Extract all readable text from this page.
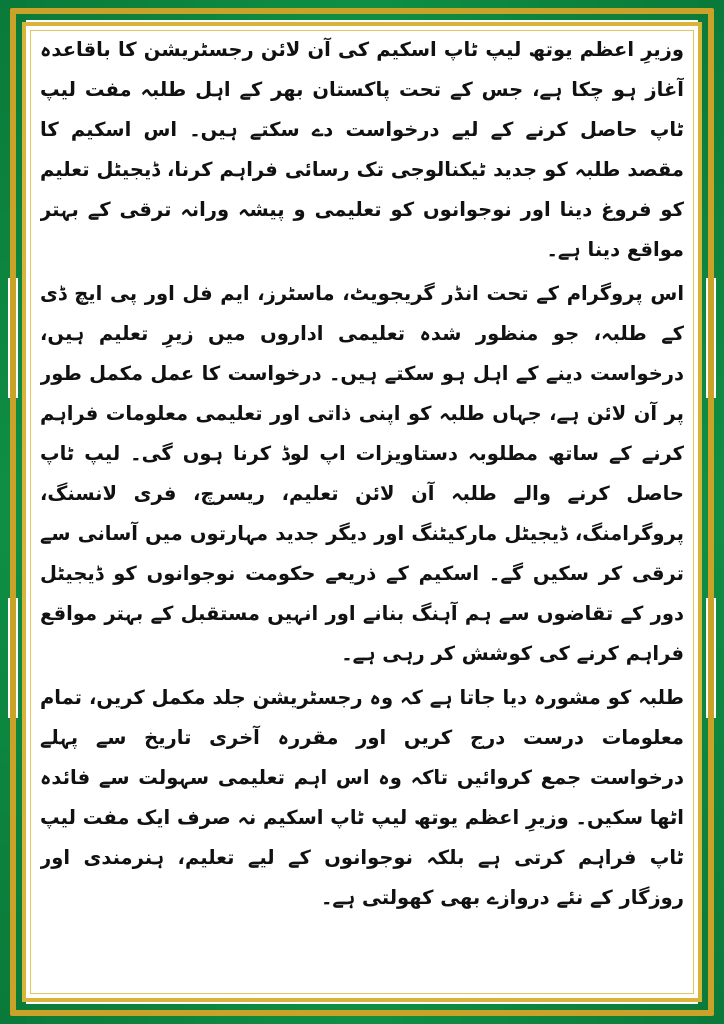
وزیرِ اعظم یوتھ لیپ ٹاپ اسکیم کی آن لائن رجسٹریشن کا باقاعدہ آغاز ہو چکا ہے، جس کے تحت پاکستان بھر کے اہل طلبہ مفت لیپ ٹاپ حاصل کرنے کے لیے درخواست دے سکتے ہیں۔ اس اسکیم کا مقصد طلبہ کو جدید ٹیکنالوجی تک رسائی فراہم کرنا، ڈیجیٹل تعلیم کو فروغ دینا اور نوجوانوں کو تعلیمی و پیشہ ورانہ ترقی کے بہتر مواقع دینا ہے۔

اس پروگرام کے تحت انڈر گریجویٹ، ماسٹرز، ایم فل اور پی ایچ ڈی کے طلبہ، جو منظور شدہ تعلیمی اداروں میں زیرِ تعلیم ہیں، درخواست دینے کے اہل ہو سکتے ہیں۔ درخواست کا عمل مکمل طور پر آن لائن ہے، جہاں طلبہ کو اپنی ذاتی اور تعلیمی معلومات فراہم کرنے کے ساتھ مطلوبہ دستاویزات اپ لوڈ کرنا ہوں گی۔ لیپ ٹاپ حاصل کرنے والے طلبہ آن لائن تعلیم، ریسرچ، فری لانسنگ، پروگرامنگ، ڈیجیٹل مارکیٹنگ اور دیگر جدید مہارتوں میں آسانی سے ترقی کر سکیں گے۔ اسکیم کے ذریعے حکومت نوجوانوں کو ڈیجیٹل دور کے تقاضوں سے ہم آہنگ بنانے اور انہیں مستقبل کے بہتر مواقع فراہم کرنے کی کوشش کر رہی ہے۔

طلبہ کو مشورہ دیا جاتا ہے کہ وہ رجسٹریشن جلد مکمل کریں، تمام معلومات درست درج کریں اور مقررہ آخری تاریخ سے پہلے درخواست جمع کروائیں تاکہ وہ اس اہم تعلیمی سہولت سے فائدہ اٹھا سکیں۔ وزیرِ اعظم یوتھ لیپ ٹاپ اسکیم نہ صرف ایک مفت لیپ ٹاپ فراہم کرتی ہے بلکہ نوجوانوں کے لیے تعلیم، ہنرمندی اور روزگار کے نئے دروازے بھی کھولتی ہے۔
